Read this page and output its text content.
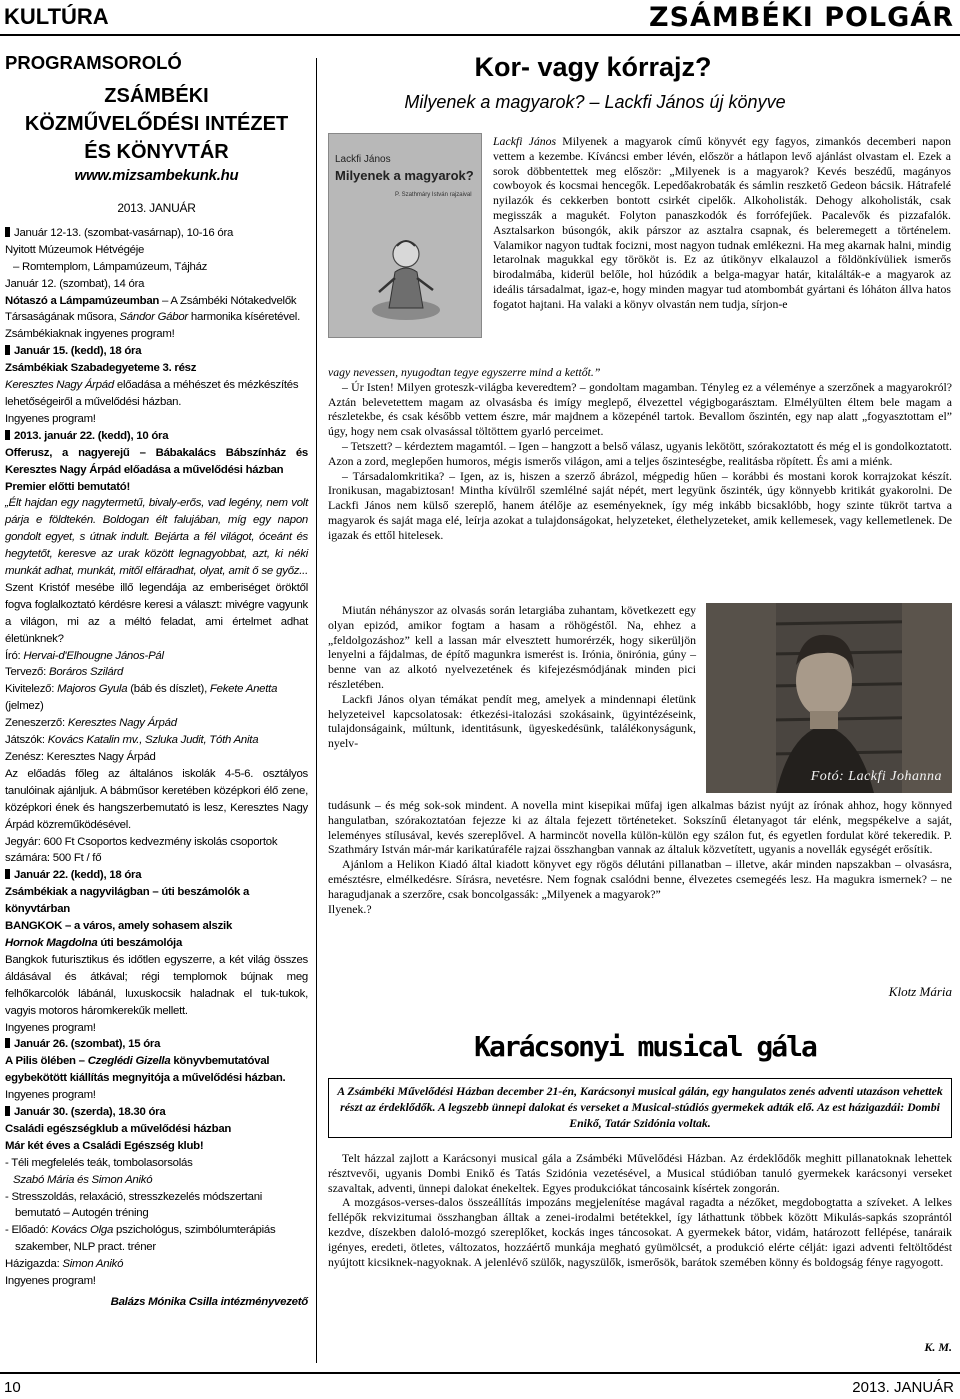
KULTÚRA	ZSÁMBÉKI POLGÁR
PROGRAMSOROLÓ
ZSÁMBÉKI
KÖZMŰVELŐDÉSI INTÉZET
ÉS KÖNYVTÁR
www.mizsambekunk.hu
2013. JANUÁR
Január 12-13. (szombat-vasárnap), 10-16 óra
Nyitott Múzeumok Hétvégéje
– Romtemplom, Lámpamúzeum, Tájház
Január 12. (szombat), 14 óra
Nótaszó a Lámpamúzeumban – A Zsámbéki Nótakedvelők Társaságának műsora, Sándor Gábor harmonika kíséretével.
Zsámbékiaknak ingyenes program!
Január 15. (kedd), 18 óra
Zsámbékiak Szabadegyeteme 3. rész
Keresztes Nagy Árpád előadása a méhészet és mézkészítés lehetőségeiről a művelődési házban.
Ingyenes program!
2013. január 22. (kedd), 10 óra
Offerusz, a nagyerejű – Bábakalács Bábszínház és Keresztes Nagy Árpád előadása a művelődési házban
Premier előtti bemutató!
„Élt hajdan egy nagytermetű, bivaly-erős, vad legény, nem volt párja e földtekén. Boldogan élt falujában, míg egy napon gondolt egyet, s útnak indult. Bejárta a fél világot, óceánt és hegytetőt, keresve az urak között legnagyobbat, azt, ki néki munkát adhat, munkát, mitől elfáradhat, olyat, amit ő se győz... Szent Kristóf mesébe illő legendája az emberiséget öröktől fogva foglalkoztató kérdésre keresi a választ: mivégre vagyunk a világon, mi az a méltó feladat, ami értelmet adhat életünknek?
Író: Hervai-d'Elhougne János-Pál
Tervező: Boráros Szilárd
Kivitelező: Majoros Gyula (báb és díszlet), Fekete Anetta (jelmez)
Zeneszerző: Keresztes Nagy Árpád
Játszók: Kovács Katalin mv., Szluka Judit, Tóth Anita
Zenész: Keresztes Nagy Árpád
Az előadás főleg az általános iskolák 4-5-6. osztályos tanulóinak ajánljuk. A bábműsor keretében középkori élő zene, középkori ének és hangszerbemutató is lesz, Keresztes Nagy Árpád közreműködésével.
Jegyár: 600 Ft Csoportos kedvezmény iskolás csoportok számára: 500 Ft / fő
Január 22. (kedd), 18 óra
Zsámbékiak a nagyvilágban – úti beszámolók a könyvtárban
BANGKOK – a város, amely sohasem alszik
Hornok Magdolna úti beszámolója
Bangkok futurisztikus és időtlen egyszerre, a két világ összes áldásával és átkával; régi templomok bújnak meg felhőkarcolók lábánál, luxuskocsik haladnak el tuk-tukok, vagyis motoros háromkerekűk mellett.
Ingyenes program!
Január 26. (szombat), 15 óra
A Pilis ölében – Czeglédi Gizella könyvbemutatóval egybekötött kiállítás megnyitója a művelődési házban.
Ingyenes program!
Január 30. (szerda), 18.30 óra
Családi egészségklub a művelődési házban
Már két éves a Családi Egészség klub!
- Téli megfelelés teák, tombolasorsolás
Szabó Mária és Simon Anikó
- Stresszoldás, relaxáció, stresszkezelés módszertani bemutató – Autogén tréning
- Előadó: Kovács Olga pszichológus, szimbólumterápiás szakember, NLP pract. tréner
Házigazda: Simon Anikó
Ingyenes program!
Balázs Mónika Csilla intézményvezető
Kor- vagy kórrajz?
Milyenek a magyarok? – Lackfi János új könyve
Lackfi János
Milyenek a magyarok?
P. Szathmáry István rajzaival

Lackfi János Milyenek a magyarok című könyvét egy fagyos, zimankós decemberi napon vettem a kezembe. Kíváncsi ember lévén, először a hátlapon levő ajánlást olvastam el. Ezek a sorok döbbentettek meg először: „Milyenek is a magyarok? Kevés beszédű, magányos cowboyok és kocsmai hencegők. Lepedőakrobaták és sámlin reszkető Gedeon bácsik. Hátrafelé nyilazók és cekkerben bontott csirkét cipelők. Alkoholisták. Dehogy alkoholisták, csak megisszák a magukét. Folyton panaszkodók és forrófejűek. Pacalevők és pizzafalók. Asztalsarkon búsongók, akik párszor az asztalra csapnak, és beleremegett a történelem. Valamikor nagyon tudtak focizni, most nagyon tudnak emlékezni. Ha meg akarnak halni, mindig letarolnak magukkal egy törököt is. Ez az útikönyv elkalauzol a földönkívüliek ismerős birodalmába, kiderül belőle, hol húzódik a belga-magyar határ, kitalálták-e a magyarok az ideális társadalmat, igaz-e, hogy minden magyar tud atombombát gyártani és lóháton állva hatos fogatot hajtani. Ha valaki a könyv olvastán nem tudja, sírjon-e

vagy nevessen, nyugodtan tegye egyszerre mind a kettőt.”

– Úr Isten! Milyen groteszk-világba keveredtem? – gondoltam magamban. Tényleg ez a véleménye a szerzőnek a magyarokról? Aztán belevetettem magam az olvasásba és imígy meglepő, élvezettel végigbogarásztam. Elmélyülten éltem bele magam a részletekbe, és csak később vettem észre, már majdnem a közepénél tartok. Bevallom őszintén, egy nap alatt „fogyasztottam el” úgy, hogy nem csak olvasással töltöttem gyarló perceimet.

– Tetszett? – kérdeztem magamtól. – Igen – hangzott a belső válasz, ugyanis lekötött, szórakoztatott és még el is gondolkoztatott. Azon a zord, meglepően humoros, mégis ismerős világon, ami a teljes őszinteségbe, realitásba röpített. És ami a miénk.

– Társadalomkritika? – Igen, az is, hiszen a szerző ábrázol, mégpedig hűen – korábbi és mostani korok korrajzokat készít. Ironikusan, magabiztosan! Mintha kívülről szemlélné saját népét, mert legyünk őszinték, úgy könnyebb kritikát gyakorolni. De Lackfi János nem külső szereplő, hanem átélője az eseményeknek, így még inkább bicsaklóbb, hogy szinte tükröt tartva a magyarok és saját maga elé, leírja azokat a tulajdonságokat, helyzeteket, élethelyzeteket, amik kellemesek, vagy kellemetlenek. De igazak és ettől hitelesek.

Miután néhányszor az olvasás során letargiába zuhantam, következett egy olyan epizód, amikor fogtam a hasam a röhögéstől. Na, ehhez a „feldolgozáshoz” kell a lassan már elvesztett humorérzék, hogy sikerüljön lenyelni a fájdalmas, de építő magunkra ismerést is. Irónia, önirónia, gúny – benne van az alkotó nyelvezetének és kifejezésmódjának minden pici részletében.

Lackfi János olyan témákat pendít meg, amelyek a mindennapi életünk helyzeteivel kapcsolatosak: étkezési-italozási szokásaink, ügyintézéseink, tulajdonságaink, múltunk, identitásunk, ügyeskedésünk, találékonyságunk, nyelv-

Fotó: Lackfi Johanna

tudásunk – és még sok-sok mindent. A novella mint kisepikai műfaj igen alkalmas bázist nyújt az írónak ahhoz, hogy könnyed hangulatban, szórakoztatóan fejezze ki az általa fejezett történeteket. Sokszínű életanyagot tár elénk, megspékelve a saját, leleményes stílusával, kevés szereplővel. A harmincöt novella külön-külön egy szálon fut, és egyetlen fordulat köré tekeredik. P. Szathmáry István már-már karikatúraféle rajzai összhangban vannak az általuk közvetített, ugyanis a novellák egységét erősítik.

Ajánlom a Helikon Kiadó által kiadott könyvet egy rögös délutáni pillanatban – illetve, akár minden napszakban – olvasásra, emésztésre, elmélkedésre. Sírásra, nevetésre. Nem fognak csalódni benne, élvezetes csemegéés lesz. Ha magukra ismernek? – ne haragudjanak a szerzőre, csak boncolgassák: „Milyenek a magyarok?”

Ilyenek.?

Klotz Mária
Karácsonyi musical gála
A Zsámbéki Művelődési Házban december 21-én, Karácsonyi musical gálán, egy hangulatos zenés adventi utazáson vehettek részt az érdeklődők. A legszebb ünnepi dalokat és verseket a Musical-stúdiós gyermekek adták elő. Az est házigazdái: Dombi Enikő, Tatár Szidónia voltak.

Telt házzal zajlott a Karácsonyi musical gála a Zsámbéki Művelődési Házban. Az érdeklődők meghitt pillanatoknak lehettek résztvevői, ugyanis Dombi Enikő és Tatás Szidónia vezetésével, a Musical stúdióban tanuló gyermekek karácsonyi verseket szavaltak, adventi, ünnepi dalokat énekeltek. Egyes produkciókat táncosaink kísértek zongorán.

A mozgásos-verses-dalos összeállítás impozáns megjelenítése magával ragadta a nézőket, megdobogtatta a szíveket. A lelkes fellépők rekvizitumai összhangban álltak a zenei-irodalmi betétekkel, így láthattunk többek között Mikulás-sapkás szoprántól kezdve, díszekben daloló-mozgó szereplőket, kockás inges táncosokat. A gyermekek bátor, vidám, határozott fellépése, tanáraik igényes, eredeti, ötletes, változatos, hozzáértő munkája megható gyümölcsét, a produkció elérte célját: igazi adventi feltöltődést nyújtott kicsiknek-nagyoknak. A jelenlévő szülők, nagyszülők, ismerősök, barátok szemében könny és boldogság fénye ragyogott.

K. M.
10	2013. JANUÁR
